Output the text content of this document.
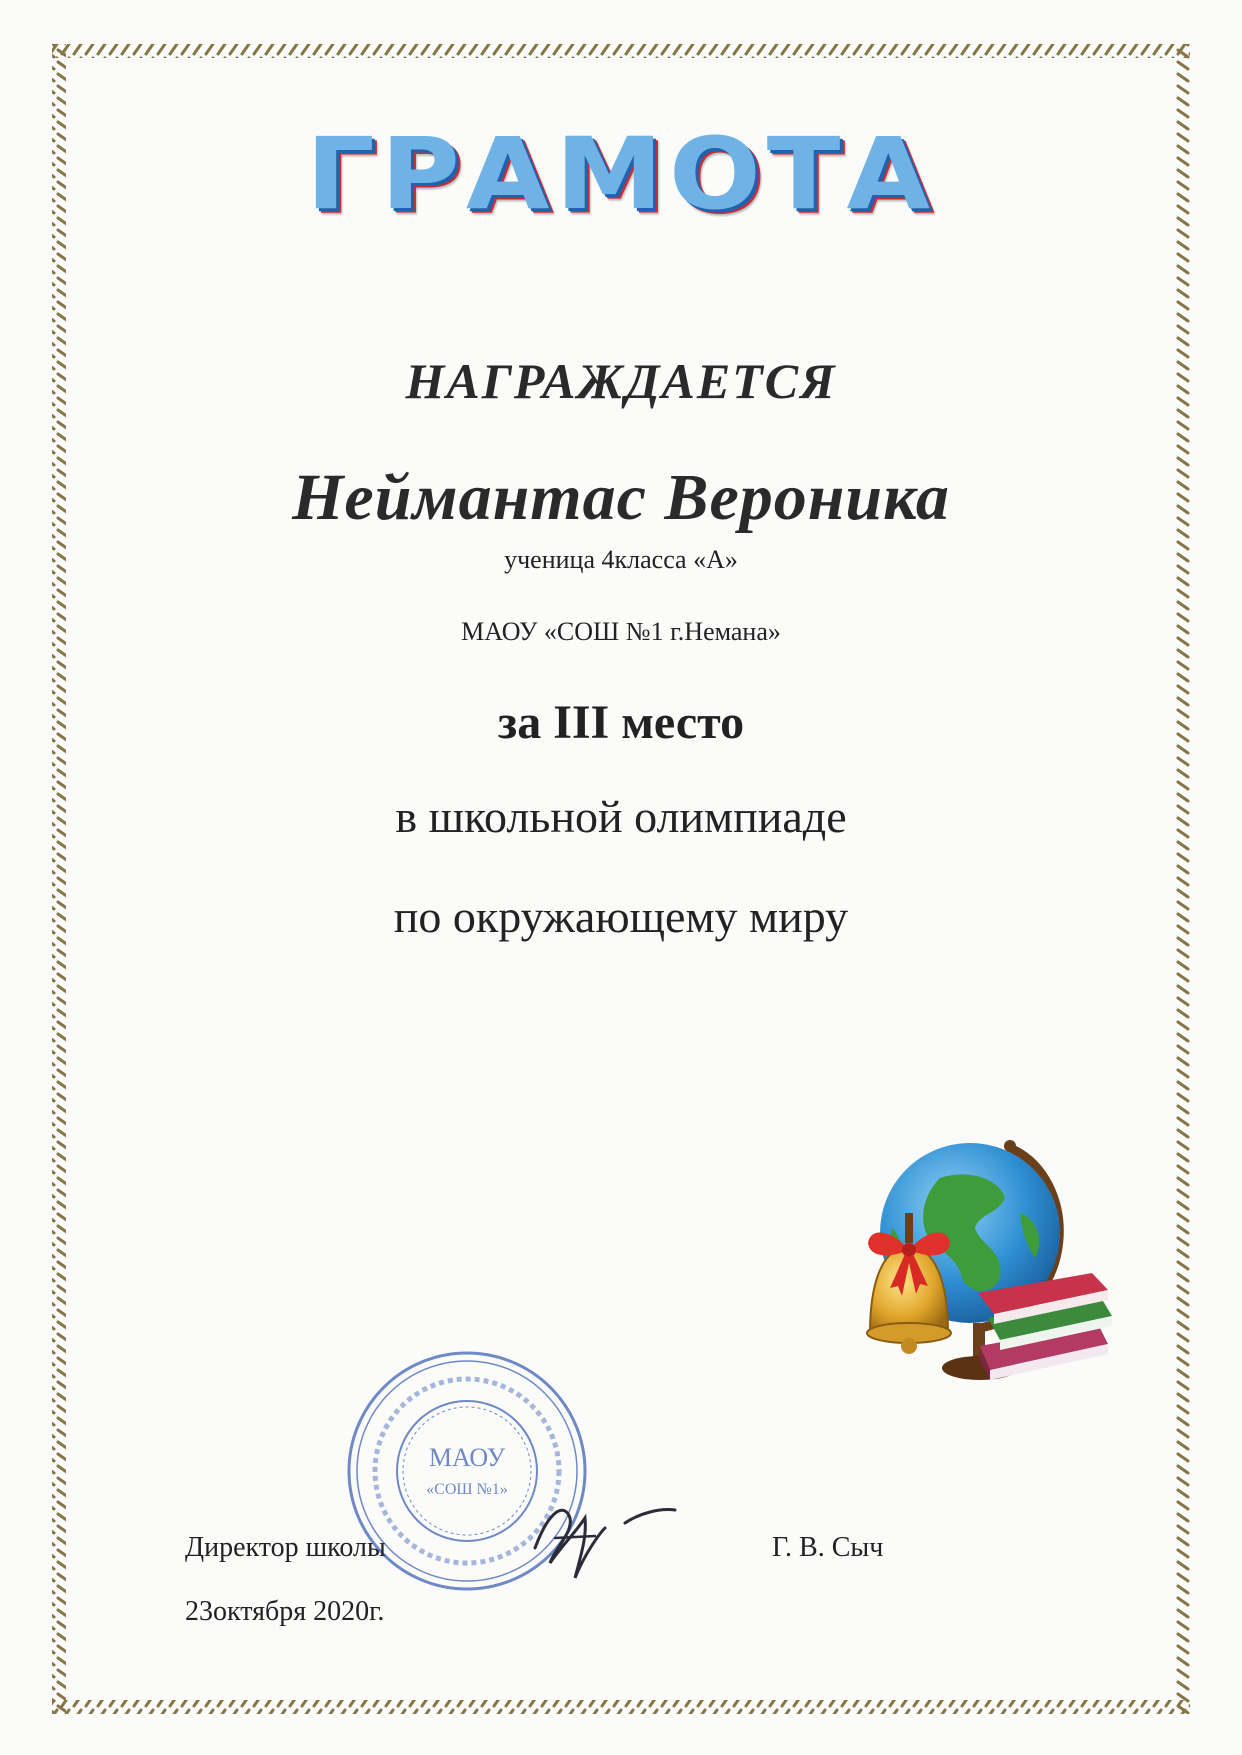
ГРАМОТА
НАГРАЖДАЕТСЯ
Неймантас Вероника
ученица 4класса «А»
МАОУ «СОШ №1 г.Немана»
за III место
в школьной олимпиаде
по окружающему миру
МАОУ
«СОШ №1»
Директор школы
23октября 2020г.
Г. В. Сыч
